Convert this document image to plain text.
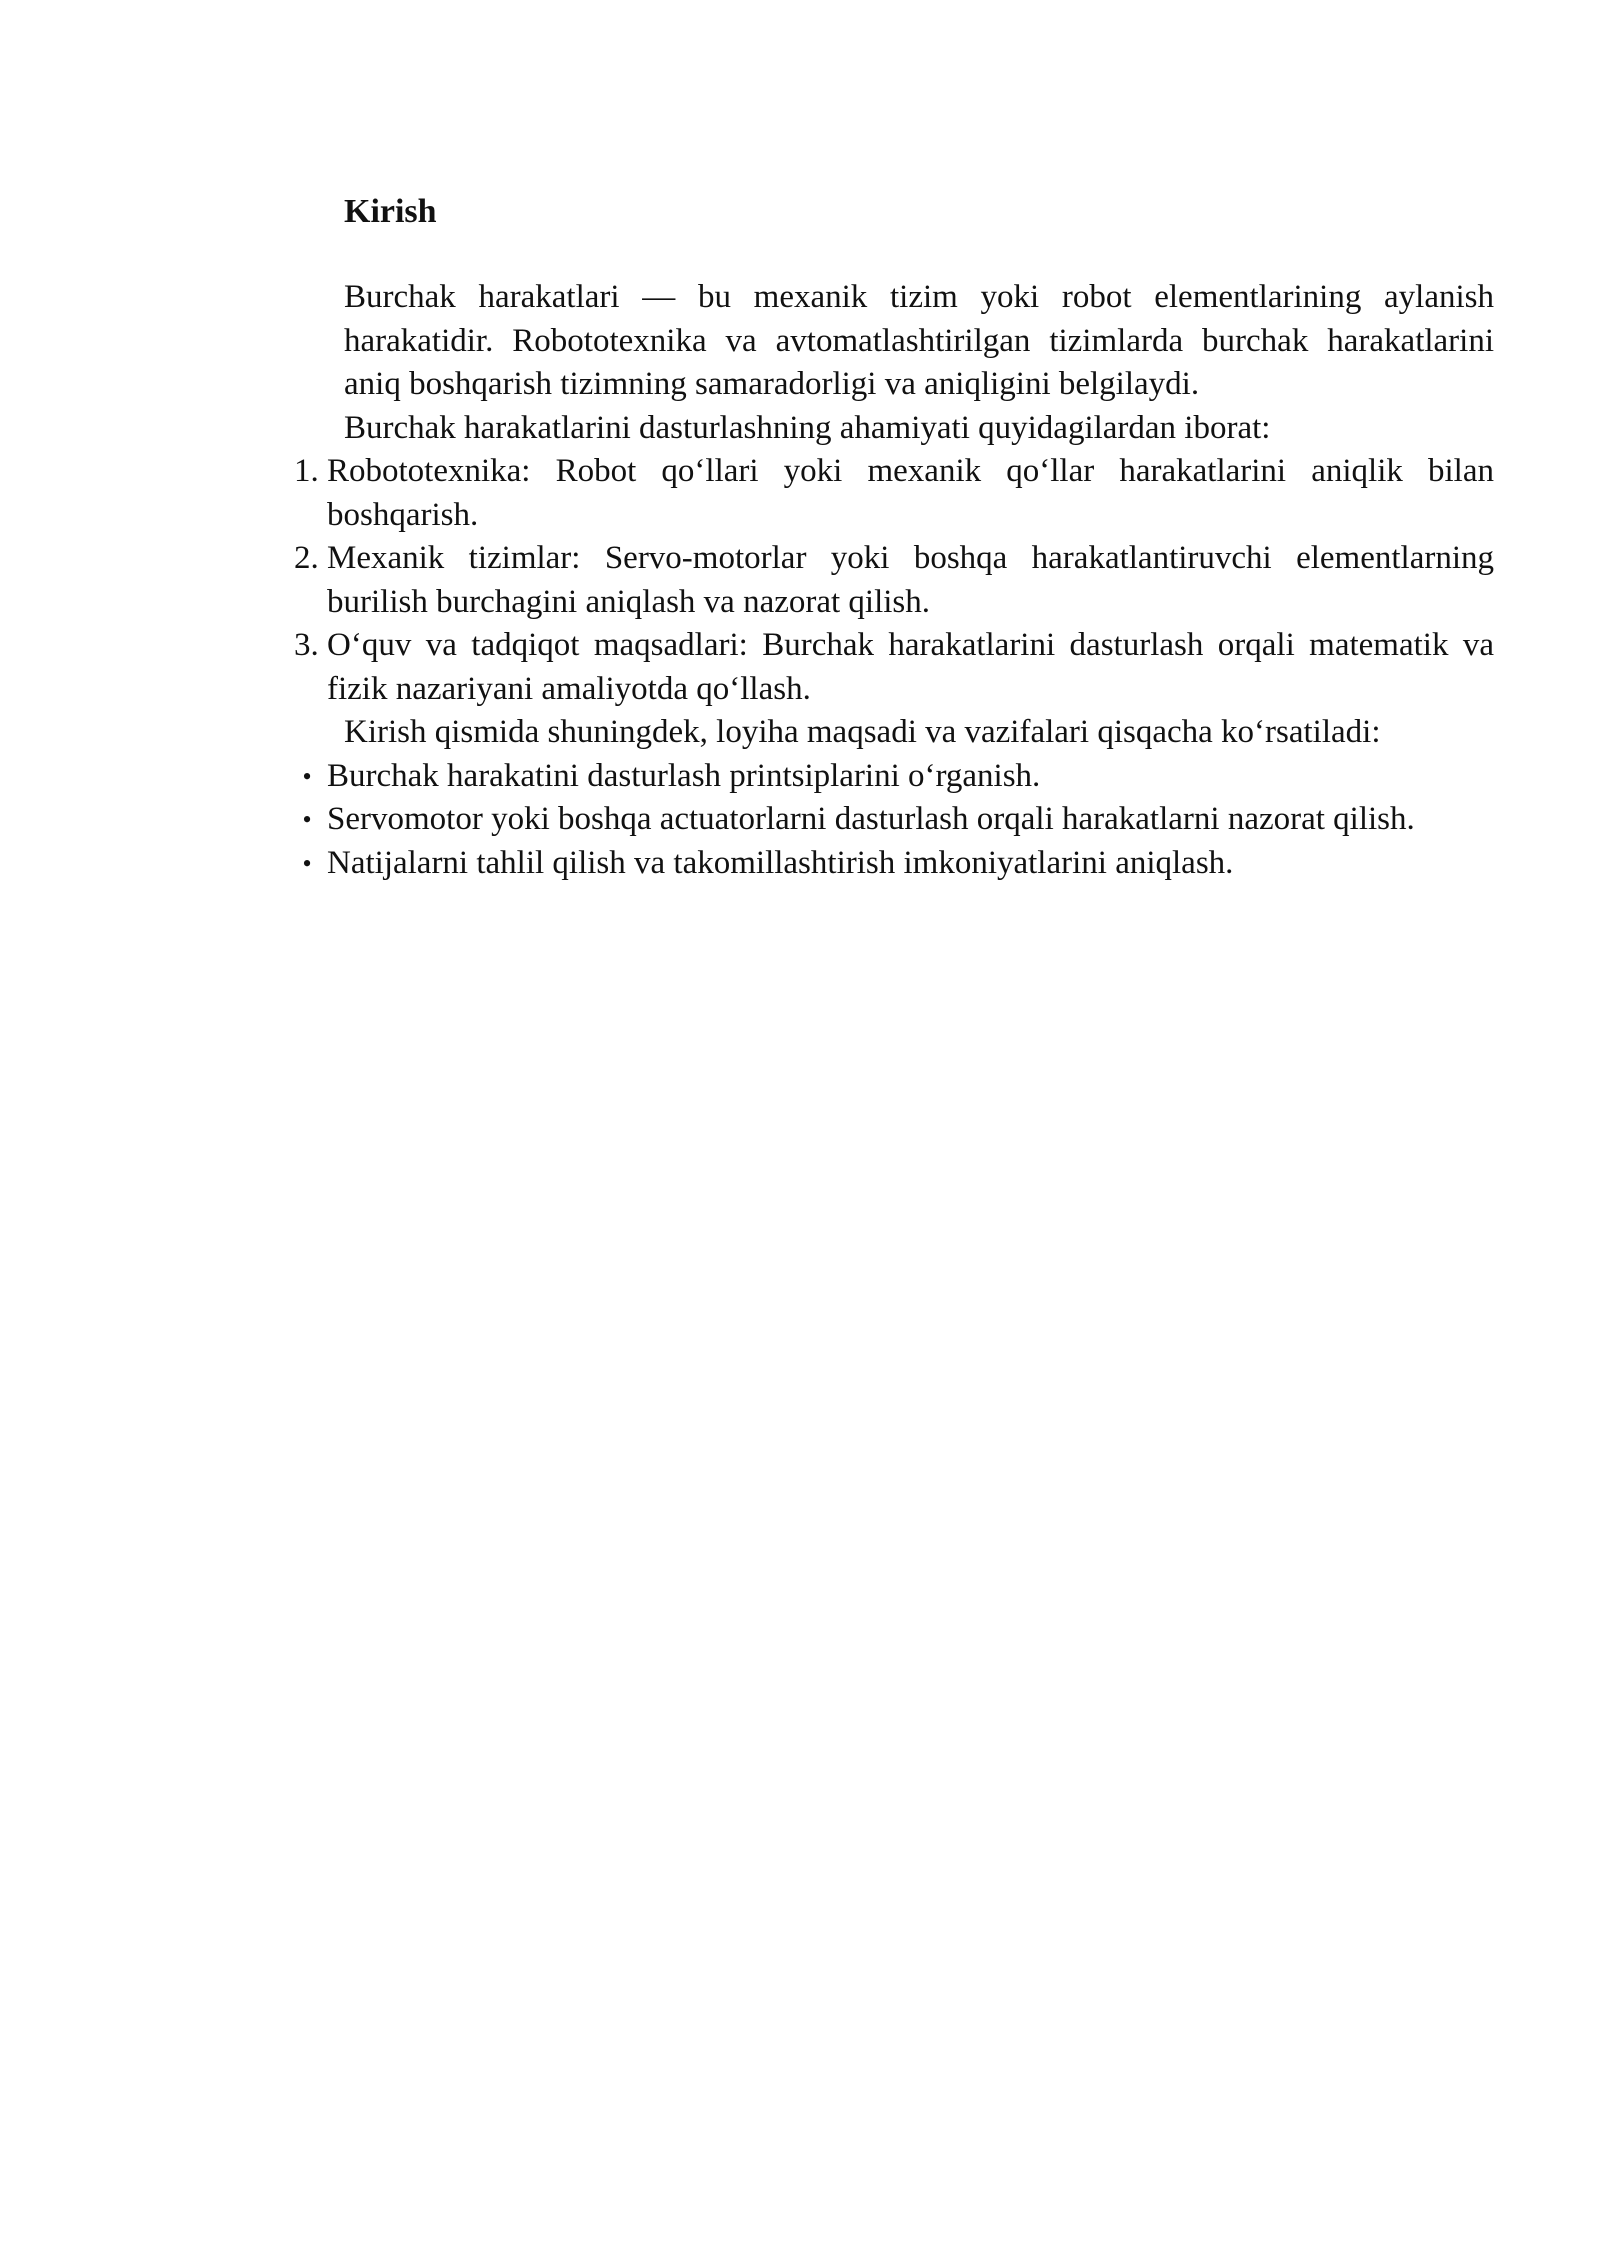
Kirish

Burchak harakatlari — bu mexanik tizim yoki robot elementlarining aylanish harakatidir. Robototexnika va avtomatlashtirilgan tizimlarda burchak harakatlarini aniq boshqarish tizimning samaradorligi va aniqligini belgilaydi.

Burchak harakatlarini dasturlashning ahamiyati quyidagilardan iborat:

1. Robototexnika: Robot qo‘llari yoki mexanik qo‘llar harakatlarini aniqlik bilan boshqarish.
2. Mexanik tizimlar: Servo-motorlar yoki boshqa harakatlantiruvchi elementlarning burilish burchagini aniqlash va nazorat qilish.
3. O‘quv va tadqiqot maqsadlari: Burchak harakatlarini dasturlash orqali matematik va fizik nazariyani amaliyotda qo‘llash.

Kirish qismida shuningdek, loyiha maqsadi va vazifalari qisqacha ko‘rsatiladi:

• Burchak harakatini dasturlash printsiplarini o‘rganish.
• Servomotor yoki boshqa actuatorlarni dasturlash orqali harakatlarni nazorat qilish.
• Natijalarni tahlil qilish va takomillashtirish imkoniyatlarini aniqlash.
